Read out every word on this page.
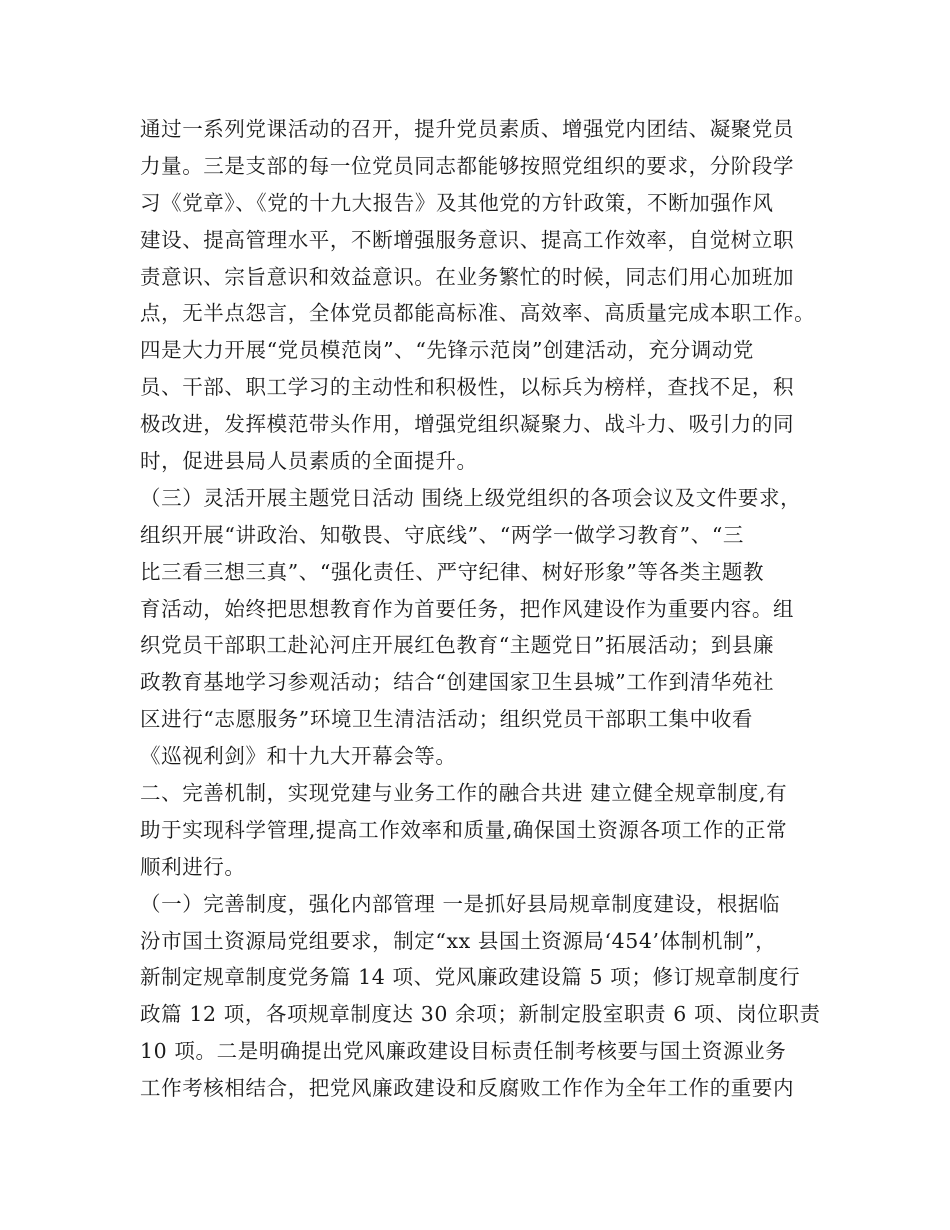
通过一系列党课活动的召开，提升党员素质、增强党内团结、凝聚党员
力量。三是支部的每一位党员同志都能够按照党组织的要求，分阶段学
习《党章》、《党的十九大报告》及其他党的方针政策，不断加强作风
建设、提高管理水平，不断增强服务意识、提高工作效率，自觉树立职
责意识、宗旨意识和效益意识。在业务繁忙的时候，同志们用心加班加
点，无半点怨言，全体党员都能高标准、高效率、高质量完成本职工作。
四是大力开展“党员模范岗”、“先锋示范岗”创建活动，充分调动党
员、干部、职工学习的主动性和积极性，以标兵为榜样，查找不足，积
极改进，发挥模范带头作用，增强党组织凝聚力、战斗力、吸引力的同
时，促进县局人员素质的全面提升。
（三）灵活开展主题党日活动 围绕上级党组织的各项会议及文件要求，
组织开展“讲政治、知敬畏、守底线”、“两学一做学习教育”、“三
比三看三想三真”、“强化责任、严守纪律、树好形象”等各类主题教
育活动，始终把思想教育作为首要任务，把作风建设作为重要内容。组
织党员干部职工赴沁河庄开展红色教育“主题党日”拓展活动；到县廉
政教育基地学习参观活动；结合“创建国家卫生县城”工作到清华苑社
区进行“志愿服务”环境卫生清洁活动；组织党员干部职工集中收看
《巡视利剑》和十九大开幕会等。
二、完善机制，实现党建与业务工作的融合共进 建立健全规章制度,有
助于实现科学管理,提高工作效率和质量,确保国土资源各项工作的正常
顺利进行。
（一）完善制度，强化内部管理 一是抓好县局规章制度建设，根据临
汾市国土资源局党组要求，制定“xx 县国土资源局‘454’体制机制”，
新制定规章制度党务篇 14 项、党风廉政建设篇 5 项；修订规章制度行
政篇 12 项，各项规章制度达 30 余项；新制定股室职责 6 项、岗位职责
10 项。二是明确提出党风廉政建设目标责任制考核要与国土资源业务
工作考核相结合，把党风廉政建设和反腐败工作作为全年工作的重要内
